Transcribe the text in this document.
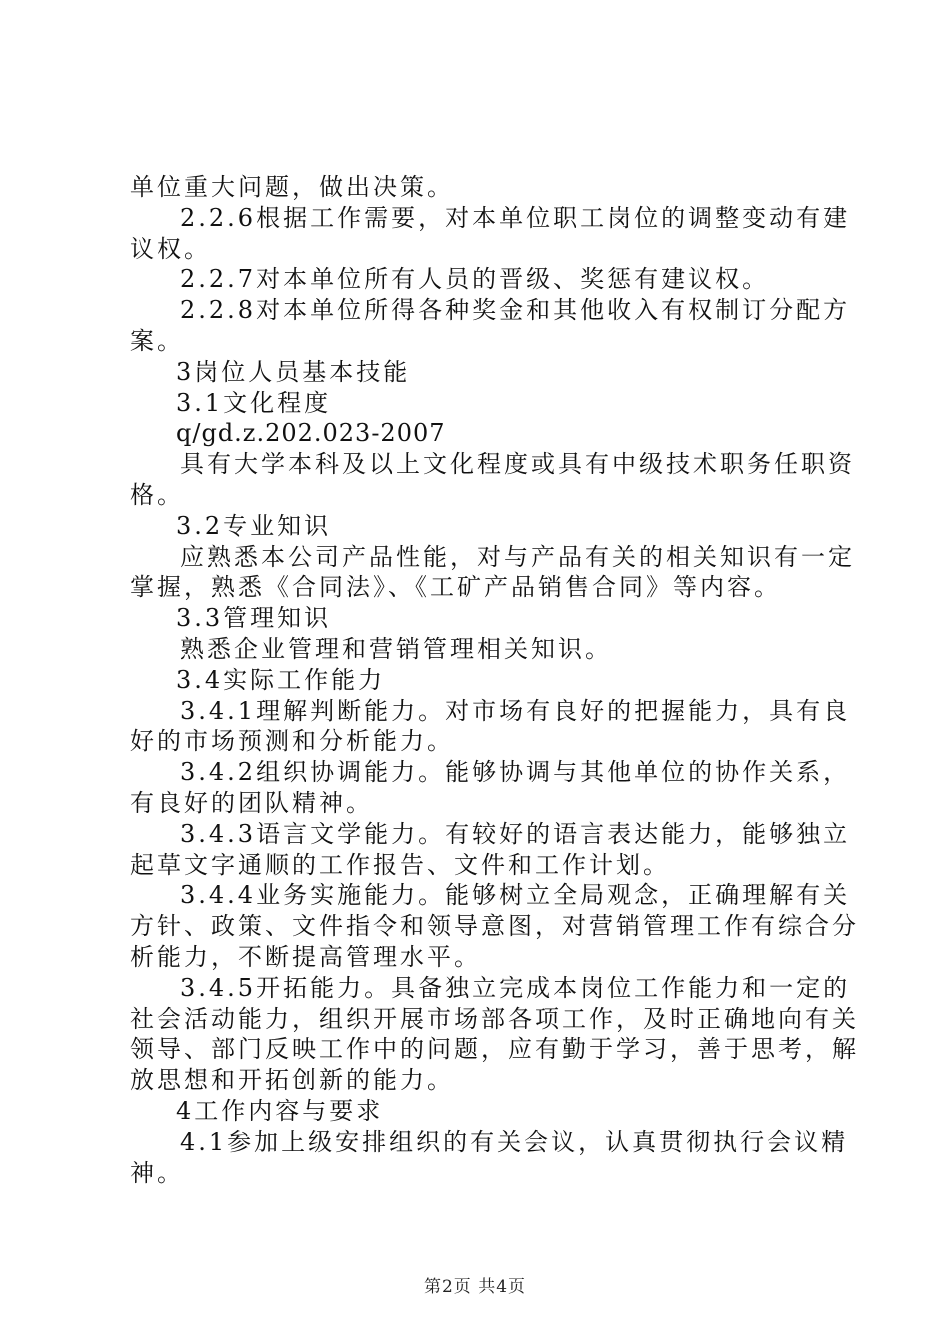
单位重大问题，做出决策。
2.2.6根据工作需要，对本单位职工岗位的调整变动有建
议权。
2.2.7对本单位所有人员的晋级、奖惩有建议权。
2.2.8对本单位所得各种奖金和其他收入有权制订分配方
案。
3岗位人员基本技能
3.1文化程度
q/gd.z.202.023-2007
具有大学本科及以上文化程度或具有中级技术职务任职资
格。
3.2专业知识
应熟悉本公司产品性能，对与产品有关的相关知识有一定
掌握，熟悉《合同法》、《工矿产品销售合同》等内容。
3.3管理知识
熟悉企业管理和营销管理相关知识。
3.4实际工作能力
3.4.1理解判断能力。对市场有良好的把握能力，具有良
好的市场预测和分析能力。
3.4.2组织协调能力。能够协调与其他单位的协作关系，
有良好的团队精神。
3.4.3语言文学能力。有较好的语言表达能力，能够独立
起草文字通顺的工作报告、文件和工作计划。
3.4.4业务实施能力。能够树立全局观念，正确理解有关
方针、政策、文件指令和领导意图，对营销管理工作有综合分
析能力，不断提高管理水平。
3.4.5开拓能力。具备独立完成本岗位工作能力和一定的
社会活动能力，组织开展市场部各项工作，及时正确地向有关
领导、部门反映工作中的问题，应有勤于学习，善于思考，解
放思想和开拓创新的能力。
4工作内容与要求
4.1参加上级安排组织的有关会议，认真贯彻执行会议精
神。
第2页 共4页
